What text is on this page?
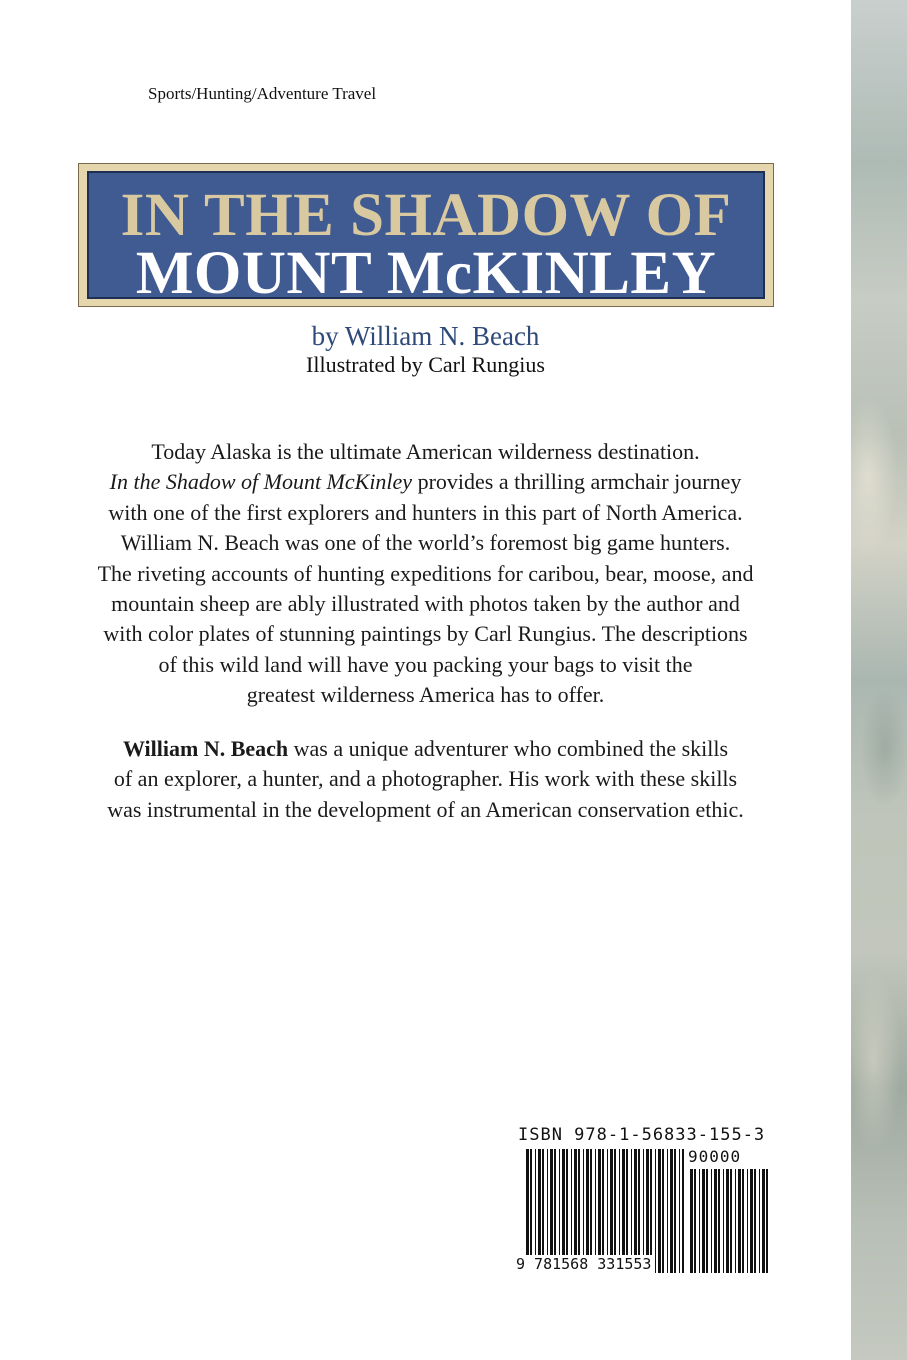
Sports/Hunting/Adventure Travel
IN THE SHADOW OF
MOUNT McKINLEY
by William N. Beach
Illustrated by Carl Rungius
Today Alaska is the ultimate American wilderness destination.
In the Shadow of Mount McKinley provides a thrilling armchair journey
with one of the first explorers and hunters in this part of North America.
William N. Beach was one of the world’s foremost big game hunters.
The riveting accounts of hunting expeditions for caribou, bear, moose, and
mountain sheep are ably illustrated with photos taken by the author and
with color plates of stunning paintings by Carl Rungius. The descriptions
of this wild land will have you packing your bags to visit the
greatest wilderness America has to offer.
William N. Beach was a unique adventurer who combined the skills
of an explorer, a hunter, and a photographer. His work with these skills
was instrumental in the development of an American conservation ethic.
ISBN 978-1-56833-155-3
90000
9 781568 331553
